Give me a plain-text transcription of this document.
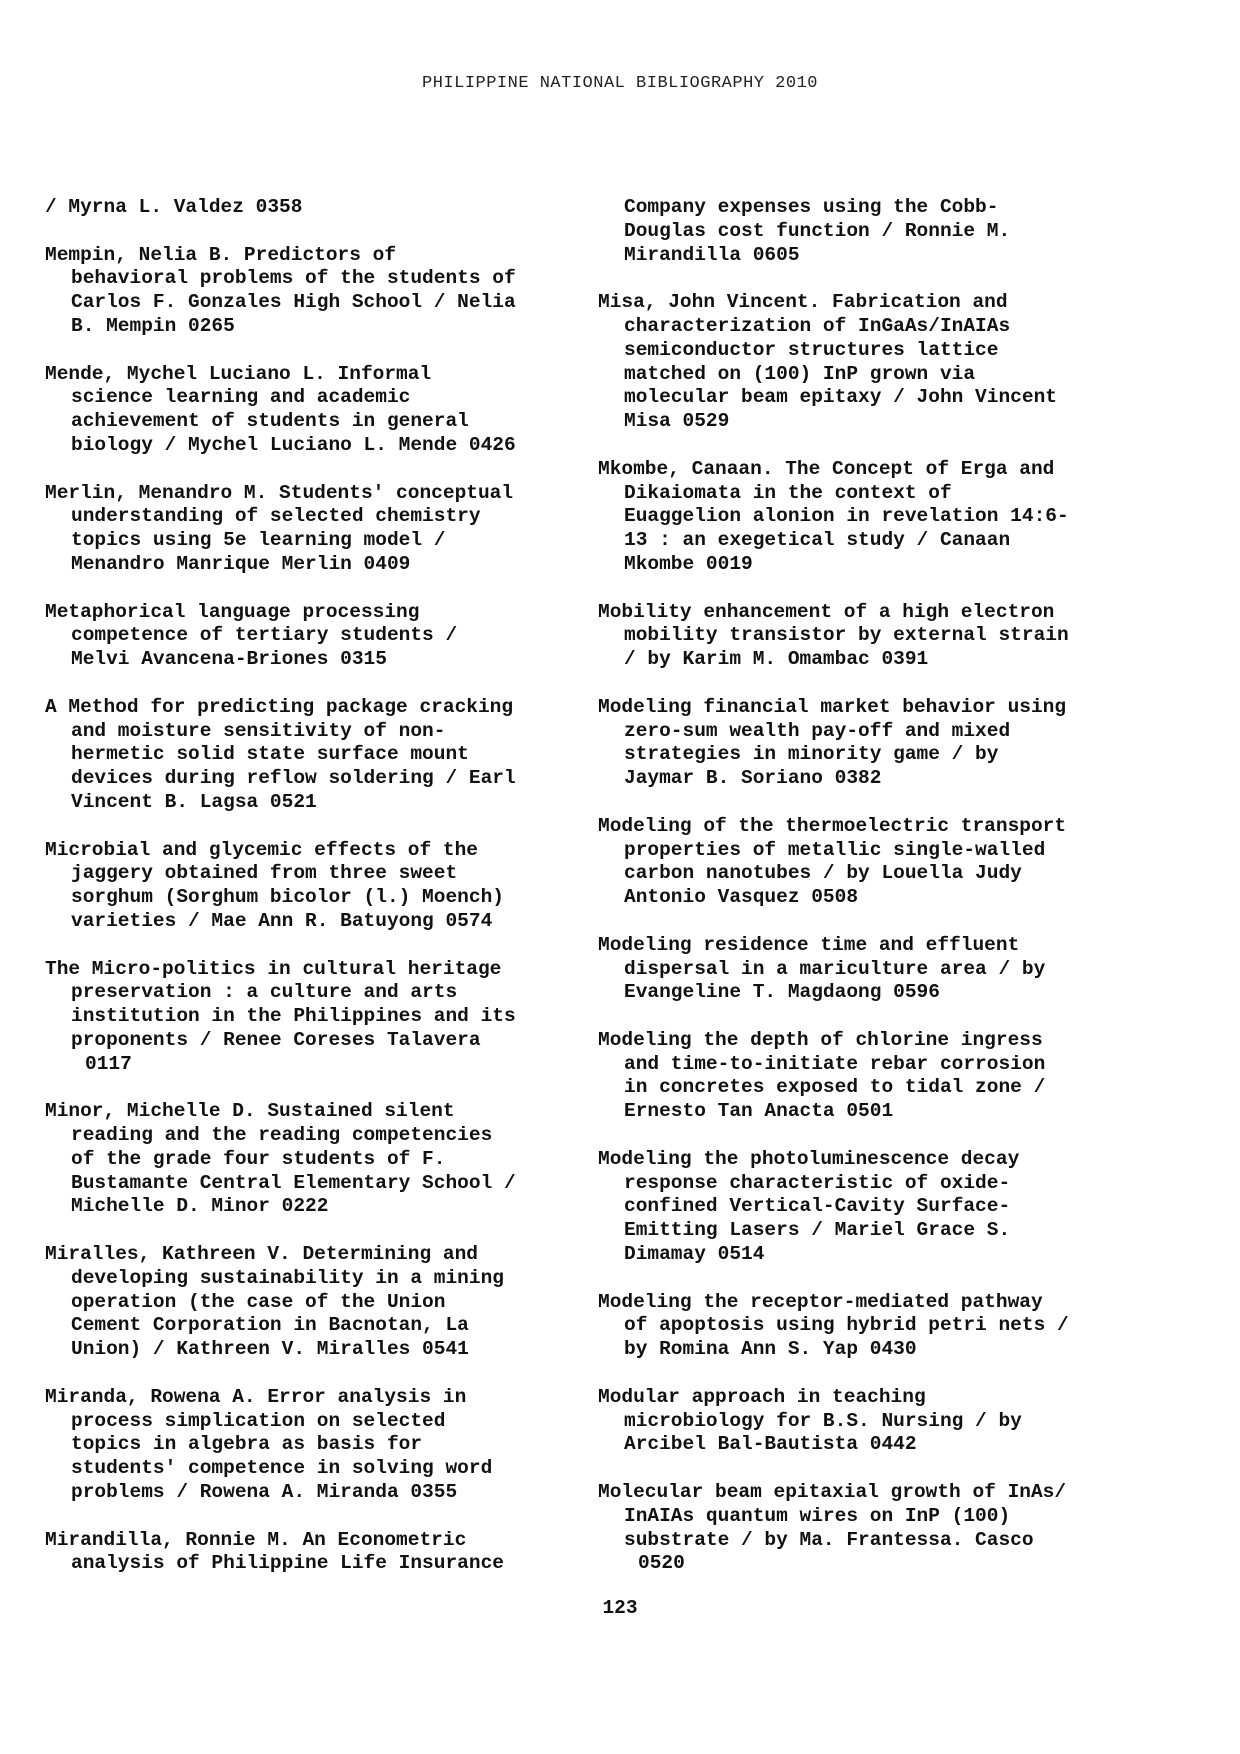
PHILIPPINE NATIONAL BIBLIOGRAPHY 2010

/ Myrna L. Valdez 0358

Mempin, Nelia B. Predictors of
behavioral problems of the students of
Carlos F. Gonzales High School / Nelia
B. Mempin 0265

Mende, Mychel Luciano L. Informal
science learning and academic
achievement of students in general
biology / Mychel Luciano L. Mende 0426

Merlin, Menandro M. Students' conceptual
understanding of selected chemistry
topics using 5e learning model /
Menandro Manrique Merlin 0409

Metaphorical language processing
competence of tertiary students /
Melvi Avancena-Briones 0315

A Method for predicting package cracking
and moisture sensitivity of non-
hermetic solid state surface mount
devices during reflow soldering / Earl
Vincent B. Lagsa 0521

Microbial and glycemic effects of the
jaggery obtained from three sweet
sorghum (Sorghum bicolor (l.) Moench)
varieties / Mae Ann R. Batuyong 0574

The Micro-politics in cultural heritage
preservation : a culture and arts
institution in the Philippines and its
proponents / Renee Coreses Talavera
0117

Minor, Michelle D. Sustained silent
reading and the reading competencies
of the grade four students of F.
Bustamante Central Elementary School /
Michelle D. Minor 0222

Miralles, Kathreen V. Determining and
developing sustainability in a mining
operation (the case of the Union
Cement Corporation in Bacnotan, La
Union) / Kathreen V. Miralles 0541

Miranda, Rowena A. Error analysis in
process simplication on selected
topics in algebra as basis for
students' competence in solving word
problems / Rowena A. Miranda 0355

Mirandilla, Ronnie M. An Econometric
analysis of Philippine Life Insurance

Company expenses using the Cobb-
Douglas cost function / Ronnie M.
Mirandilla 0605

Misa, John Vincent. Fabrication and
characterization of InGaAs/InAIAs
semiconductor structures lattice
matched on (100) InP grown via
molecular beam epitaxy / John Vincent
Misa 0529

Mkombe, Canaan. The Concept of Erga and
Dikaiomata in the context of
Euaggelion alonion in revelation 14:6-
13 : an exegetical study / Canaan
Mkombe 0019

Mobility enhancement of a high electron
mobility transistor by external strain
/ by Karim M. Omambac 0391

Modeling financial market behavior using
zero-sum wealth pay-off and mixed
strategies in minority game / by
Jaymar B. Soriano 0382

Modeling of the thermoelectric transport
properties of metallic single-walled
carbon nanotubes / by Louella Judy
Antonio Vasquez 0508

Modeling residence time and effluent
dispersal in a mariculture area / by
Evangeline T. Magdaong 0596

Modeling the depth of chlorine ingress
and time-to-initiate rebar corrosion
in concretes exposed to tidal zone /
Ernesto Tan Anacta 0501

Modeling the photoluminescence decay
response characteristic of oxide-
confined Vertical-Cavity Surface-
Emitting Lasers / Mariel Grace S.
Dimamay 0514

Modeling the receptor-mediated pathway
of apoptosis using hybrid petri nets /
by Romina Ann S. Yap 0430

Modular approach in teaching
microbiology for B.S. Nursing / by
Arcibel Bal-Bautista 0442

Molecular beam epitaxial growth of InAs/
InAIAs quantum wires on InP (100)
substrate / by Ma. Frantessa. Casco
0520

123
